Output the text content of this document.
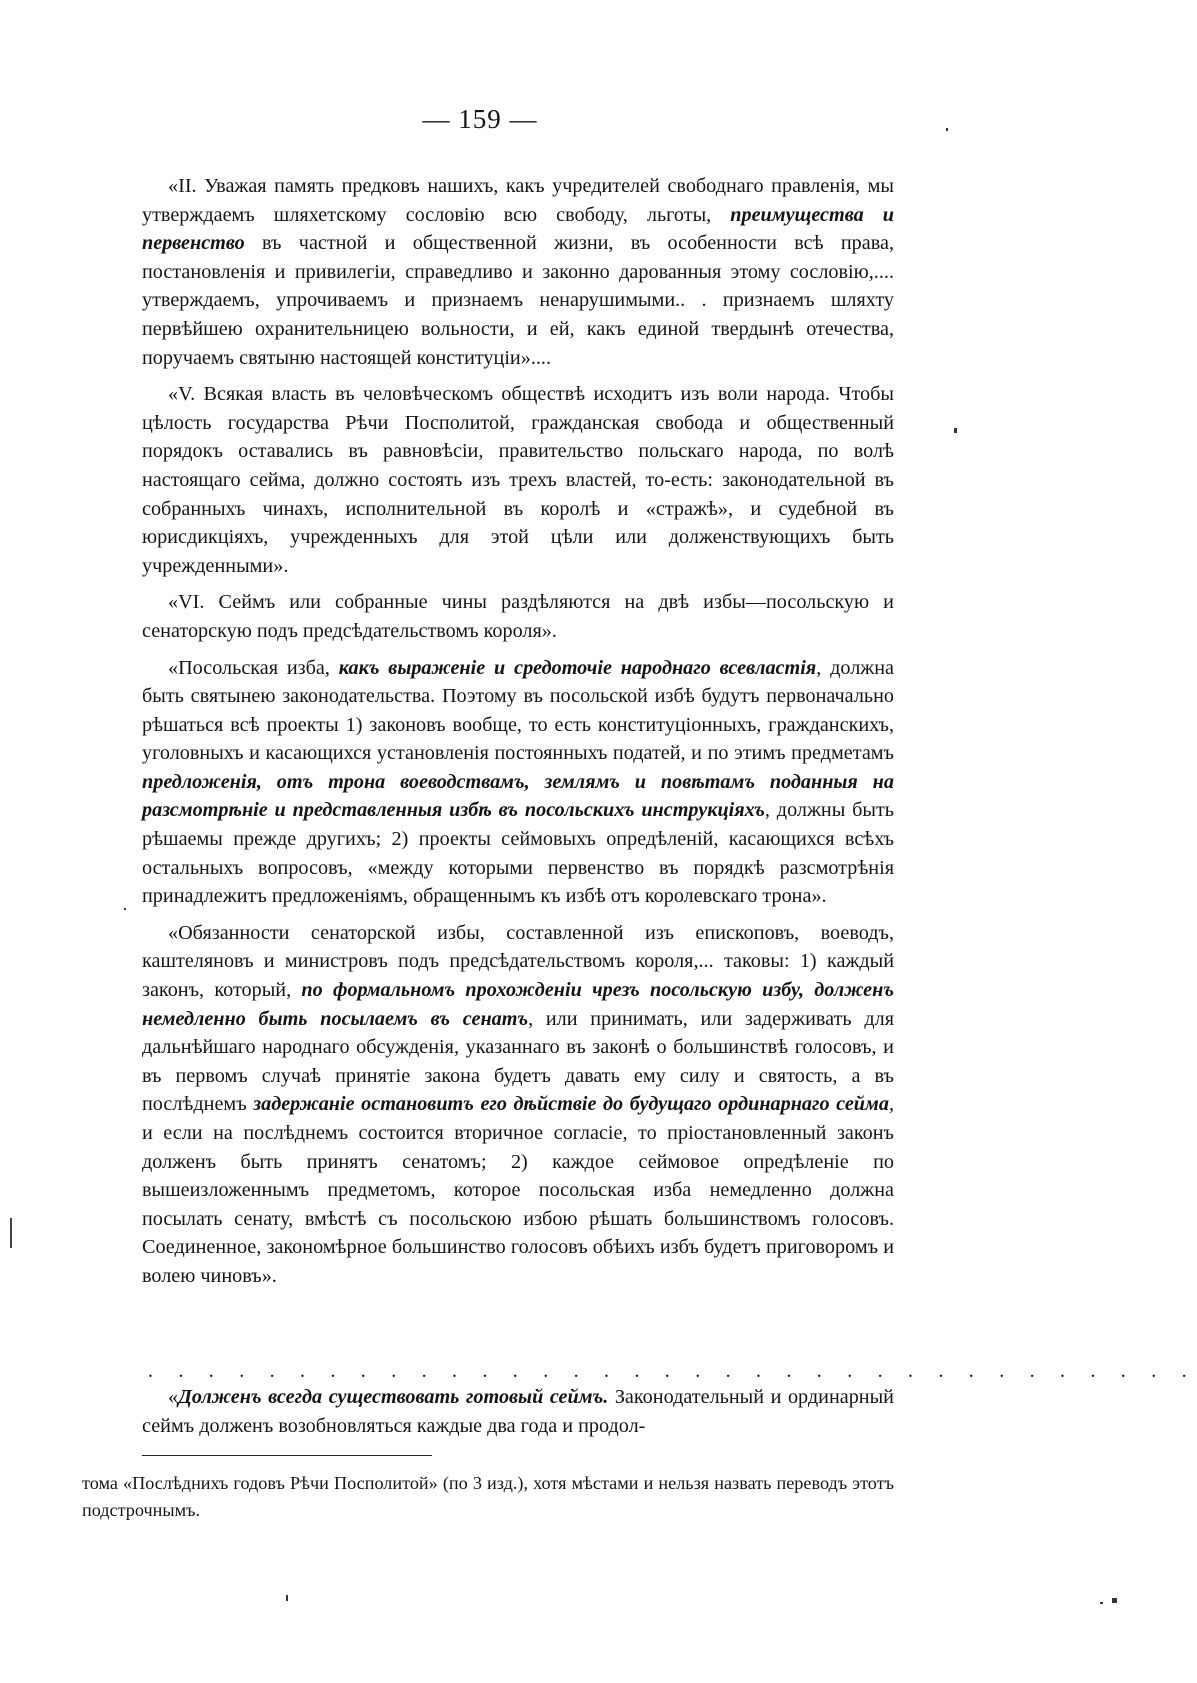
— 159 —

«II. Уважая память предковъ нашихъ, какъ учредителей свободнаго правленія, мы утверждаемъ шляхетскому сословію всю свободу, льготы, преимущества и первенство въ частной и общественной жизни, въ особенности всѣ права, постановленія и привилегіи, справедливо и законно дарованныя этому сословію,.... утверждаемъ, упрочиваемъ и признаемъ ненарушимыми.. . признаемъ шляхту первѣйшею охранительницею вольности, и ей, какъ единой твердынѣ отечества, поручаемъ святыню настоящей конституціи»....

«V. Всякая власть въ человѣческомъ обществѣ исходитъ изъ воли народа. Чтобы цѣлость государства Рѣчи Посполитой, гражданская свобода и общественный порядокъ оставались въ равновѣсіи, правительство польскаго народа, по волѣ настоящаго сейма, должно состоять изъ трехъ властей, то-есть: законодательной въ собранныхъ чинахъ, исполнительной въ королѣ и «стражѣ», и судебной въ юрисдикціяхъ, учрежденныхъ для этой цѣли или долженствующихъ быть учрежденными».

«VI. Сеймъ или собранные чины раздѣляются на двѣ избы—посольскую и сенаторскую подъ предсѣдательствомъ короля».

«Посольская изба, какъ выраженіе и средоточіе народнаго всевластія, должна быть святынею законодательства. Поэтому въ посольской избѣ будутъ первоначально рѣшаться всѣ проекты 1) законовъ вообще, то есть конституціонныхъ, гражданскихъ, уголовныхъ и касающихся установленія постоянныхъ податей, и по этимъ предметамъ предложенія, отъ трона воеводствамъ, землямъ и повѣтамъ поданныя на разсмотрѣніе и представленныя избѣ въ посольскихъ инструкціяхъ, должны быть рѣшаемы прежде другихъ; 2) проекты сеймовыхъ опредѣленій, касающихся всѣхъ остальныхъ вопросовъ, «между которыми первенство въ порядкѣ разсмотрѣнія принадлежитъ предложеніямъ, обращеннымъ къ избѣ отъ королевскаго трона».

«Обязанности сенаторской избы, составленной изъ епископовъ, воеводъ, каштеляновъ и министровъ подъ предсѣдательствомъ короля,... таковы: 1) каждый законъ, который, по формальномъ прохожденіи чрезъ посольскую избу, долженъ немедленно быть посылаемъ въ сенатъ, или принимать, или задерживать для дальнѣйшаго народнаго обсужденія, указаннаго въ законѣ о большинствѣ голосовъ, и въ первомъ случаѣ принятіе закона будетъ давать ему силу и святость, а въ послѣднемъ задержаніе остановитъ его дѣйствіе до будущаго ординарнаго сейма, и если на послѣднемъ состоится вторичное согласіе, то пріостановленный законъ долженъ быть принятъ сенатомъ; 2) каждое сеймовое опредѣленіе по вышеизложеннымъ предметомъ, которое посольская изба немедленно должна посылать сенату, вмѣстѣ съ посольскою избою рѣшать большинствомъ голосовъ. Соединенное, закономѣрное большинство голосовъ обѣихъ избъ будетъ приговоромъ и волею чиновъ».

. . . . . . . . . . . . . . . . . . . . . . . . . . . . . . . . . . .

«Долженъ всегда существовать готовый сеймъ. Законодательный и ординарный сеймъ долженъ возобновляться каждые два года и продол-

тома «Послѣднихъ годовъ Рѣчи Посполитой» (по 3 изд.), хотя мѣстами и нельзя назвать переводъ этотъ подстрочнымъ.
